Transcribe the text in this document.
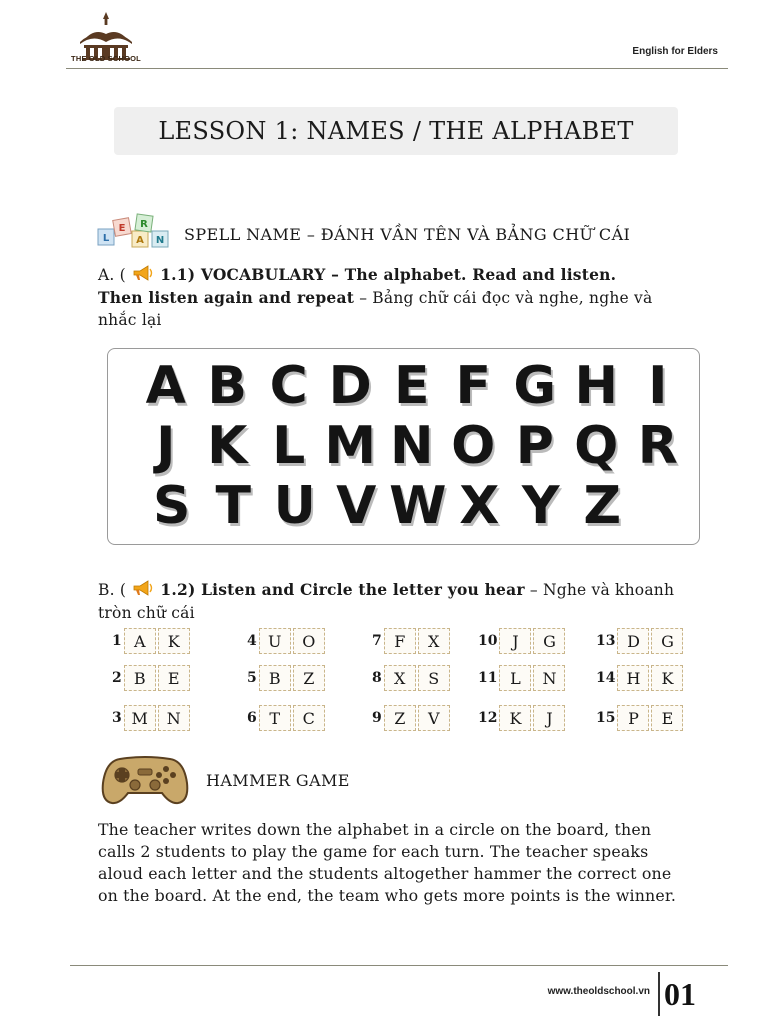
THE OLD SCHOOL
English for Elders
LESSON 1: NAMES / THE ALPHABET
L
E
A
R
N SPELL NAME – ĐÁNH VẦN TÊN VÀ BẢNG CHỮ CÁI
A. ( 1.1) VOCABULARY – The alphabet. Read and listen.
Then listen again and repeat – Bảng chữ cái đọc và nghe, nghe và
nhắc lại
A B C D E F G H I
J K L M N O P Q R
S T U V W X Y Z
B. ( 1.2) Listen and Circle the letter you hear – Nghe và khoanh
tròn chữ cái
1 A	K
2 B	E
3 M	N
4 U	O
5 B	Z
6 T	C
7 F	X
8 X	S
9 Z	V
10 J	G
11 L	N
12 K	J
13 D	G
14 H	K
15 P	E
HAMMER GAME
The teacher writes down the alphabet in a circle on the board, then
calls 2 students to play the game for each turn. The teacher speaks
aloud each letter and the students altogether hammer the correct one
on the board. At the end, the team who gets more points is the winner.
www.theoldschool.vn 01
